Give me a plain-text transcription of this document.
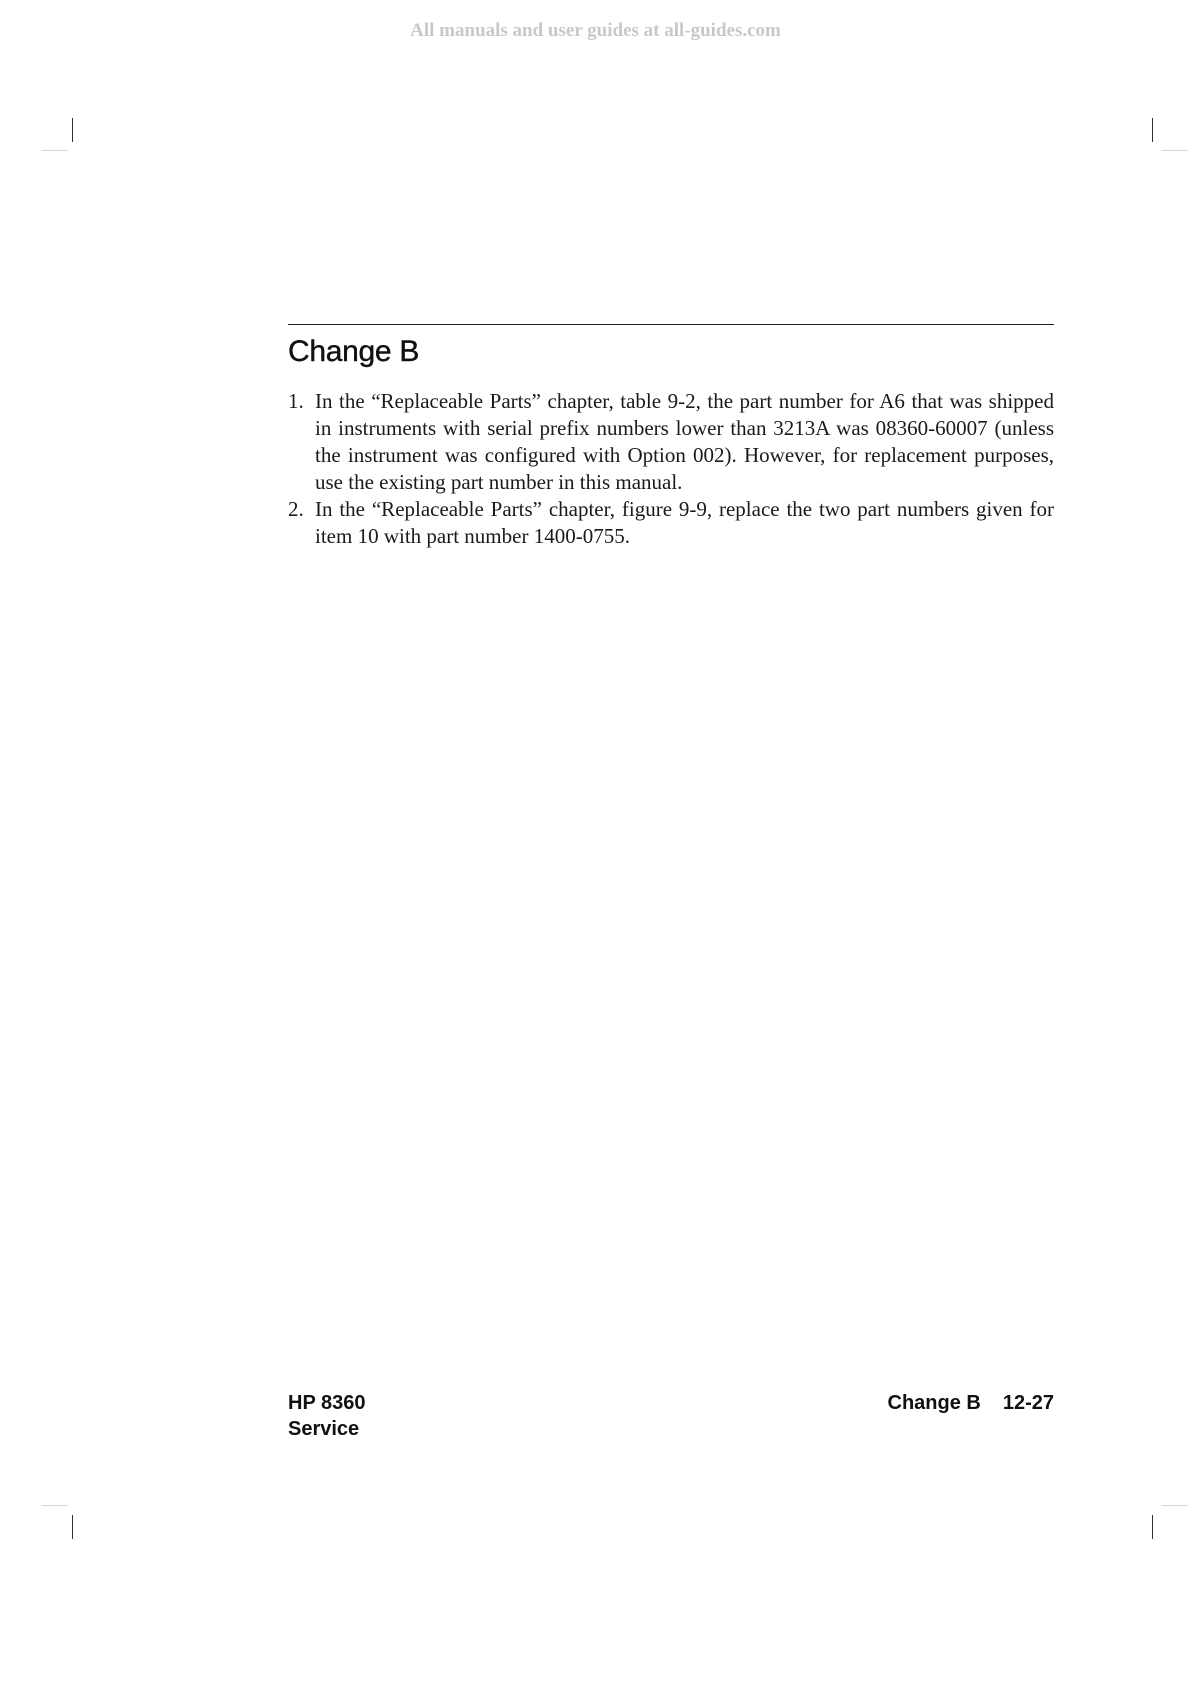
All manuals and user guides at all-guides.com
Change B
1. In the “Replaceable Parts” chapter, table 9-2, the part number for A6 that was shipped in instruments with serial prefix numbers lower than 3213A was 08360-60007 (unless the instrument was configured with Option 002). However, for replacement purposes, use the existing part number in this manual.
2. In the “Replaceable Parts” chapter, figure 9-9, replace the two part numbers given for item 10 with part number 1400-0755.
HP 8360
Service
Change B 12-27
